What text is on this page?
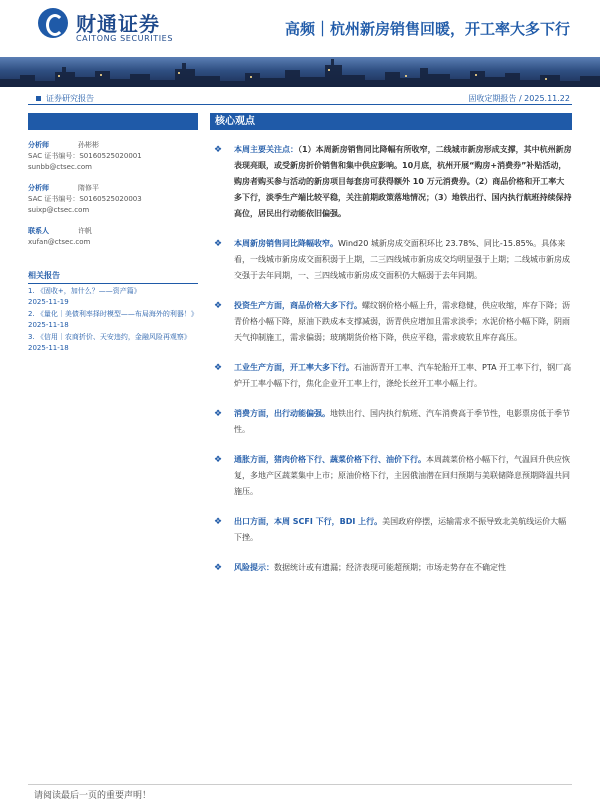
财通证券
CAITONG SECURITIES
高频｜杭州新房销售回暖，开工率大多下行
证券研究报告	固收定期报告 / 2025.11.22
分析师	孙彬彬
SAC 证书编号：S0160525020001
sunbb@ctsec.com
分析师	隋修平
SAC 证书编号：S0160525020003
suixp@ctsec.com
联系人	许帆
xufan@ctsec.com
相关报告
1. 《固收+，加什么？——资产篇》
2025-11-19
2. 《量化｜美债利率择时模型——布局海外的利器！》
2025-11-18
3. 《信用｜农商折价、天安违约，金融风险再观察》
2025-11-18
核心观点
❖ 本周主要关注点：（1）本周新房销售同比降幅有所收窄，二线城市新房形成支撑，其中杭州新房表现亮眼，或受新房折价销售和集中供应影响。10月底，杭州开展“购房+消费券”补贴活动，购房者购买参与活动的新房项目每套房可获得额外 10 万元消费券。（2）商品价格和开工率大多下行，淡季生产端比较平稳，关注前期政策落地情况；（3）地铁出行、国内执行航班持续保持高位，居民出行动能依旧偏强。
❖ 本周新房销售同比降幅收窄。Wind20 城新房成交面积环比 23.78%、同比-15.85%。具体来看，一线城市新房成交面积弱于上期，二三四线城市新房成交均明显强于上期；二线城市新房成交强于去年同期，一、三四线城市新房成交面积仍大幅弱于去年同期。
❖ 投资生产方面，商品价格大多下行。螺纹钢价格小幅上升，需求稳健，供应收缩，库存下降；沥青价格小幅下降，原油下跌成本支撑减弱，沥青供应增加且需求淡季；水泥价格小幅下降，阴雨天气抑制施工，需求偏弱；玻璃期货价格下降，供应平稳，需求疲软且库存高压。
❖ 工业生产方面，开工率大多下行。石油沥青开工率、汽车轮胎开工率、PTA 开工率下行，钢厂高炉开工率小幅下行，焦化企业开工率上行，涤纶长丝开工率小幅上行。
❖ 消费方面，出行动能偏强。地铁出行、国内执行航班、汽车消费高于季节性，电影票房低于季节性。
❖ 通胀方面，猪肉价格下行、蔬菜价格下行、油价下行。本周蔬菜价格小幅下行，气温回升供应恢复，多地产区蔬菜集中上市；原油价格下行，主因俄油潜在回归预期与美联储降息预期降温共同施压。
❖ 出口方面，本周 SCFI 下行，BDI 上行。美国政府停摆，运输需求不振导致北美航线运价大幅下挫。
❖ 风险提示：数据统计或有遗漏；经济表现可能超预期；市场走势存在不确定性
请阅读最后一页的重要声明！
